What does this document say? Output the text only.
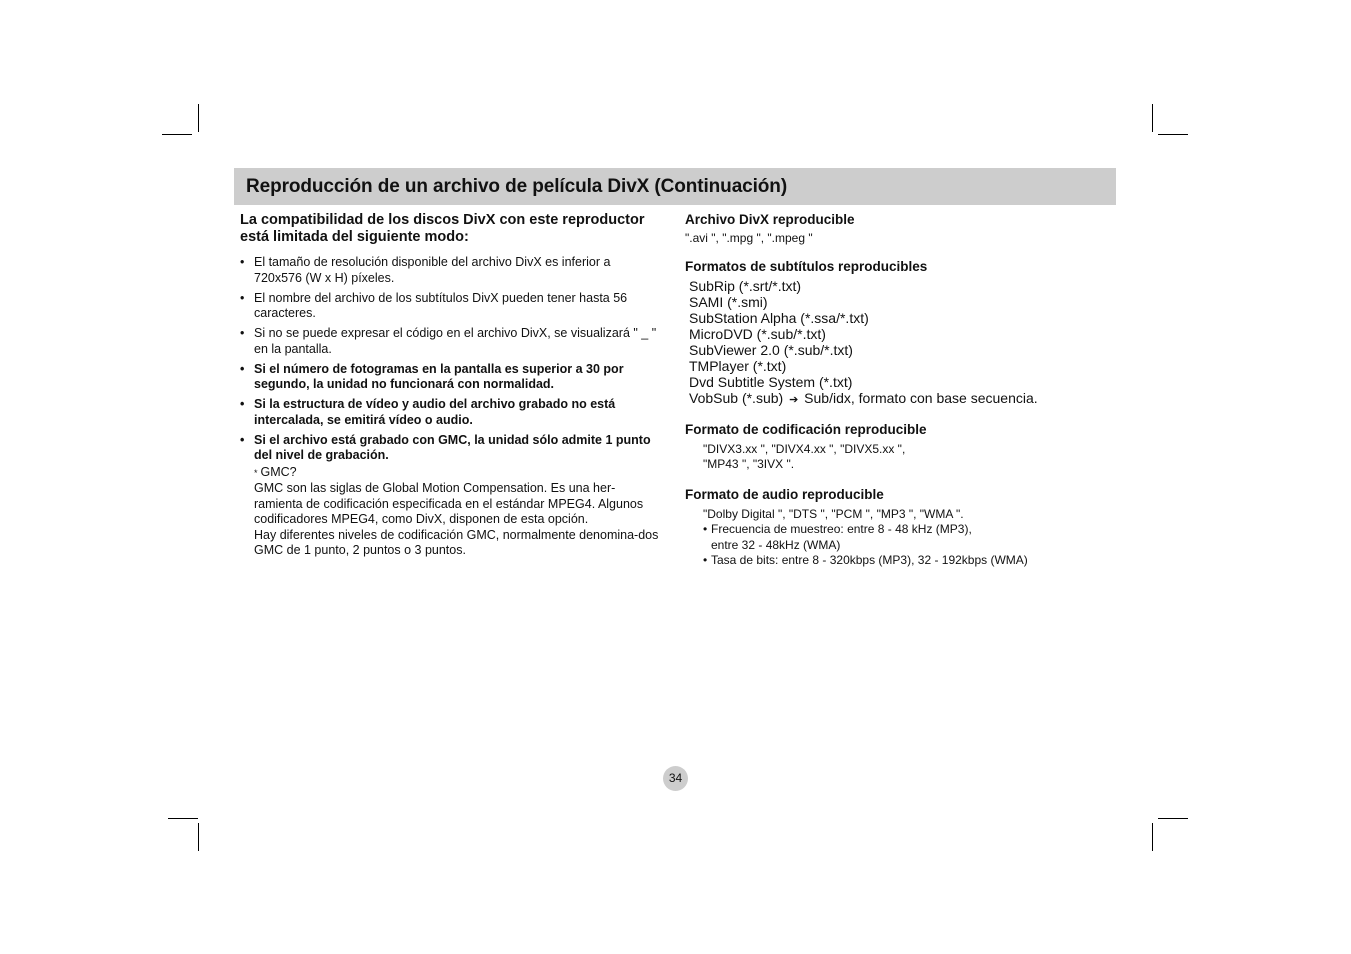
Reproducción de un archivo de película DivX (Continuación)

La compatibilidad de los discos DivX con este reproductor está limitada del siguiente modo:

• El tamaño de resolución disponible del archivo DivX es inferior a 720x576 (W x H) píxeles.
• El nombre del archivo de los subtítulos DivX pueden tener hasta 56 caracteres.
• Si no se puede expresar el código en el archivo DivX, se visualizará " _ " en la pantalla.
• Si el número de fotogramas en la pantalla es superior a 30 por segundo, la unidad no funcionará con normalidad.
• Si la estructura de vídeo y audio del archivo grabado no está intercalada, se emitirá vídeo o audio.
• Si el archivo está grabado con GMC, la unidad sólo admite 1 punto del nivel de grabación.
* GMC?

GMC son las siglas de Global Motion Compensation. Es una her-ramienta de codificación especificada en el estándar MPEG4. Algunos codificadores MPEG4, como DivX, disponen de esta opción.

Hay diferentes niveles de codificación GMC, normalmente denomina-dos GMC de 1 punto, 2 puntos o 3 puntos.

Archivo DivX reproducible

".avi ", ".mpg ", ".mpeg "

Formatos de subtítulos reproducibles

SubRip (*.srt/*.txt)
SAMI (*.smi)
SubStation Alpha (*.ssa/*.txt)
MicroDVD (*.sub/*.txt)
SubViewer 2.0 (*.sub/*.txt)
TMPlayer (*.txt)
Dvd Subtitle System (*.txt)
VobSub (*.sub) ➔ Sub/idx, formato con base secuencia.

Formato de codificación reproducible

"DIVX3.xx ", "DIVX4.xx ", "DIVX5.xx ",
"MP43 ", "3IVX ".

Formato de audio reproducible

"Dolby Digital ", "DTS ", "PCM ", "MP3 ", "WMA ".
• Frecuencia de muestreo: entre 8 - 48 kHz (MP3),
entre 32 - 48kHz (WMA)
• Tasa de bits: entre 8 - 320kbps (MP3), 32 - 192kbps (WMA)
34
